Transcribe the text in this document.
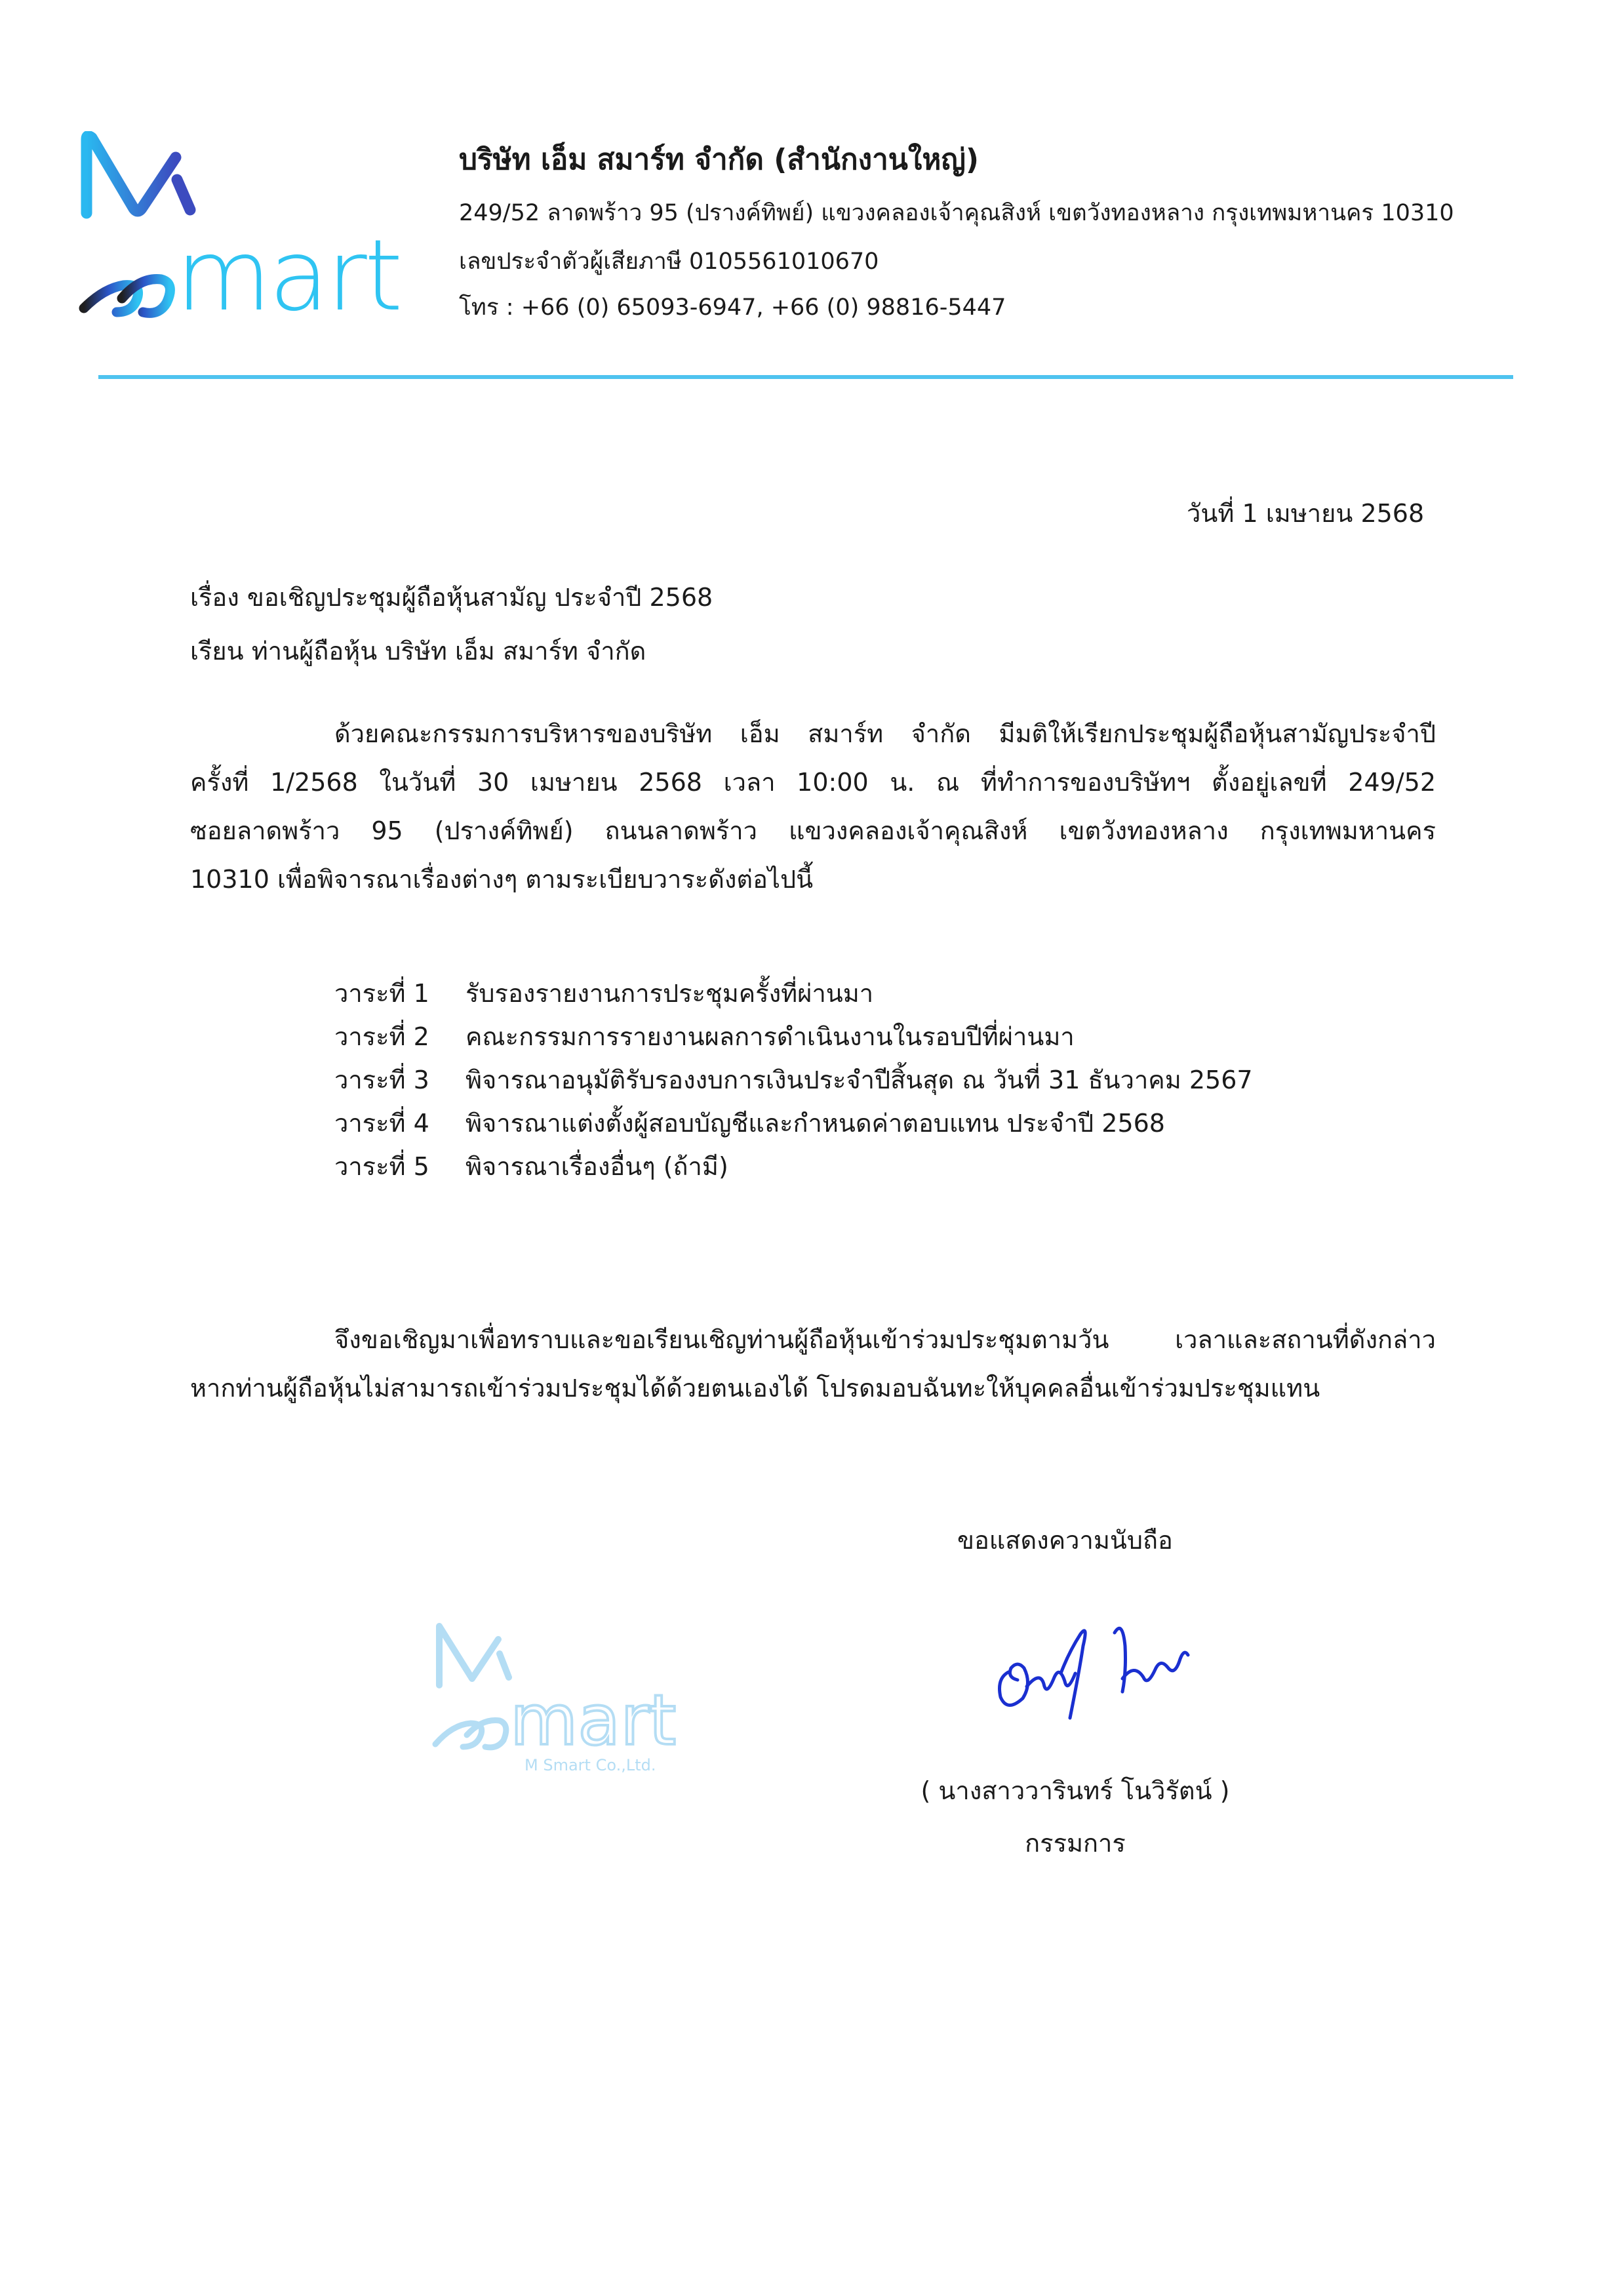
mart
บริษัท เอ็ม สมาร์ท จำกัด (สำนักงานใหญ่)
249/52 ลาดพร้าว 95 (ปรางค์ทิพย์) แขวงคลองเจ้าคุณสิงห์ เขตวังทองหลาง กรุงเทพมหานคร 10310
เลขประจำตัวผู้เสียภาษี 0105561010670
โทร : +66 (0) 65093-6947, +66 (0) 98816-5447
วันที่ 1 เมษายน 2568
เรื่อง ขอเชิญประชุมผู้ถือหุ้นสามัญ ประจำปี 2568
เรียน ท่านผู้ถือหุ้น บริษัท เอ็ม สมาร์ท จำกัด
ด้วยคณะกรรมการบริหารของบริษัท เอ็ม สมาร์ท จำกัด มีมติให้เรียกประชุมผู้ถือหุ้นสามัญประจำปี
ครั้งที่ 1/2568 ในวันที่ 30 เมษายน 2568 เวลา 10:00 น. ณ ที่ทำการของบริษัทฯ ตั้งอยู่เลขที่ 249/52
ซอยลาดพร้าว 95 (ปรางค์ทิพย์) ถนนลาดพร้าว แขวงคลองเจ้าคุณสิงห์ เขตวังทองหลาง กรุงเทพมหานคร
10310 เพื่อพิจารณาเรื่องต่างๆ ตามระเบียบวาระดังต่อไปนี้
วาระที่ 1 รับรองรายงานการประชุมครั้งที่ผ่านมา
วาระที่ 2 คณะกรรมการรายงานผลการดำเนินงานในรอบปีที่ผ่านมา
วาระที่ 3 พิจารณาอนุมัติรับรองงบการเงินประจำปีสิ้นสุด ณ วันที่ 31 ธันวาคม 2567
วาระที่ 4 พิจารณาแต่งตั้งผู้สอบบัญชีและกำหนดค่าตอบแทน ประจำปี 2568
วาระที่ 5 พิจารณาเรื่องอื่นๆ (ถ้ามี)
จึงขอเชิญมาเพื่อทราบและขอเรียนเชิญท่านผู้ถือหุ้นเข้าร่วมประชุมตามวัน เวลาและสถานที่ดังกล่าว
หากท่านผู้ถือหุ้นไม่สามารถเข้าร่วมประชุมได้ด้วยตนเองได้ โปรดมอบฉันทะให้บุคคลอื่นเข้าร่วมประชุมแทน
ขอแสดงความนับถือ
mart
M Smart Co.,Ltd.
( นางสาววารินทร์ โนวิรัตน์ )
กรรมการ
